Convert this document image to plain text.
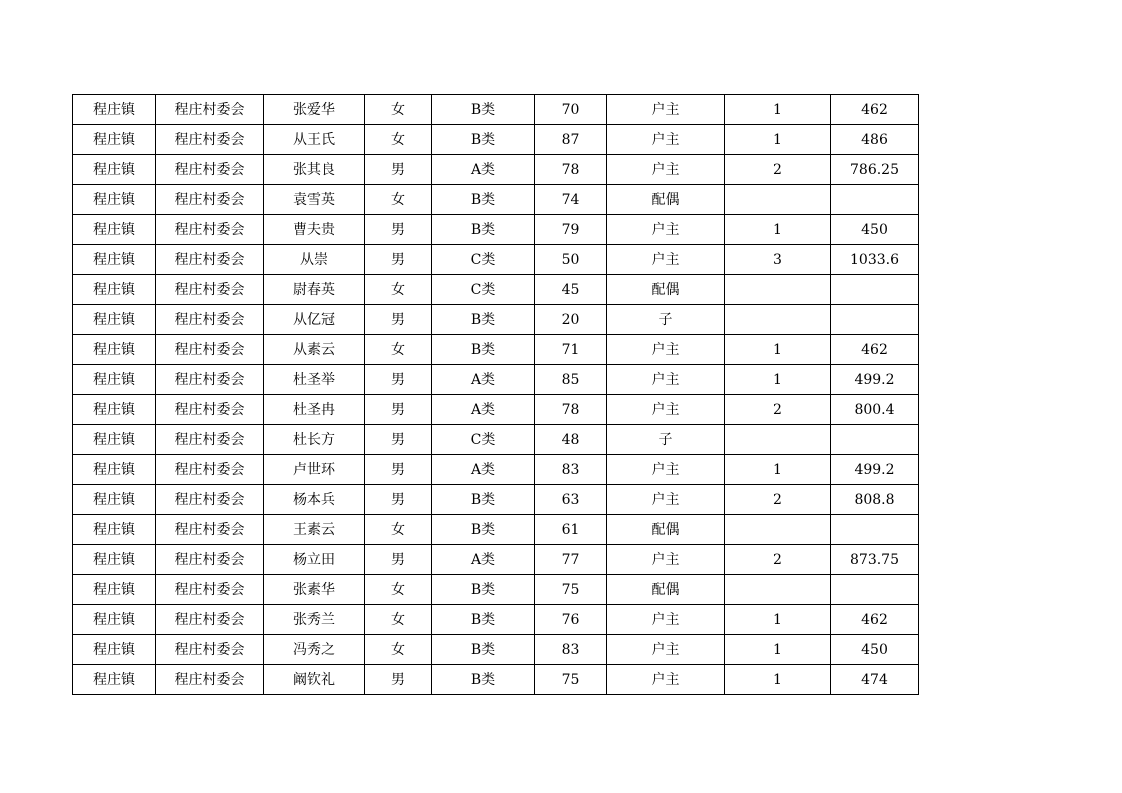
程庄镇	程庄村委会	张爱华	女	B类	70	户主	1	462
程庄镇	程庄村委会	从王氏	女	B类	87	户主	1	486
程庄镇	程庄村委会	张其良	男	A类	78	户主	2	786.25
程庄镇	程庄村委会	袁雪英	女	B类	74	配偶		
程庄镇	程庄村委会	曹夫贵	男	B类	79	户主	1	450
程庄镇	程庄村委会	从崇	男	C类	50	户主	3	1033.6
程庄镇	程庄村委会	尉春英	女	C类	45	配偶		
程庄镇	程庄村委会	从亿冠	男	B类	20	子		
程庄镇	程庄村委会	从素云	女	B类	71	户主	1	462
程庄镇	程庄村委会	杜圣举	男	A类	85	户主	1	499.2
程庄镇	程庄村委会	杜圣冉	男	A类	78	户主	2	800.4
程庄镇	程庄村委会	杜长方	男	C类	48	子		
程庄镇	程庄村委会	卢世环	男	A类	83	户主	1	499.2
程庄镇	程庄村委会	杨本兵	男	B类	63	户主	2	808.8
程庄镇	程庄村委会	王素云	女	B类	61	配偶		
程庄镇	程庄村委会	杨立田	男	A类	77	户主	2	873.75
程庄镇	程庄村委会	张素华	女	B类	75	配偶		
程庄镇	程庄村委会	张秀兰	女	B类	76	户主	1	462
程庄镇	程庄村委会	冯秀之	女	B类	83	户主	1	450
程庄镇	程庄村委会	阚钦礼	男	B类	75	户主	1	474
